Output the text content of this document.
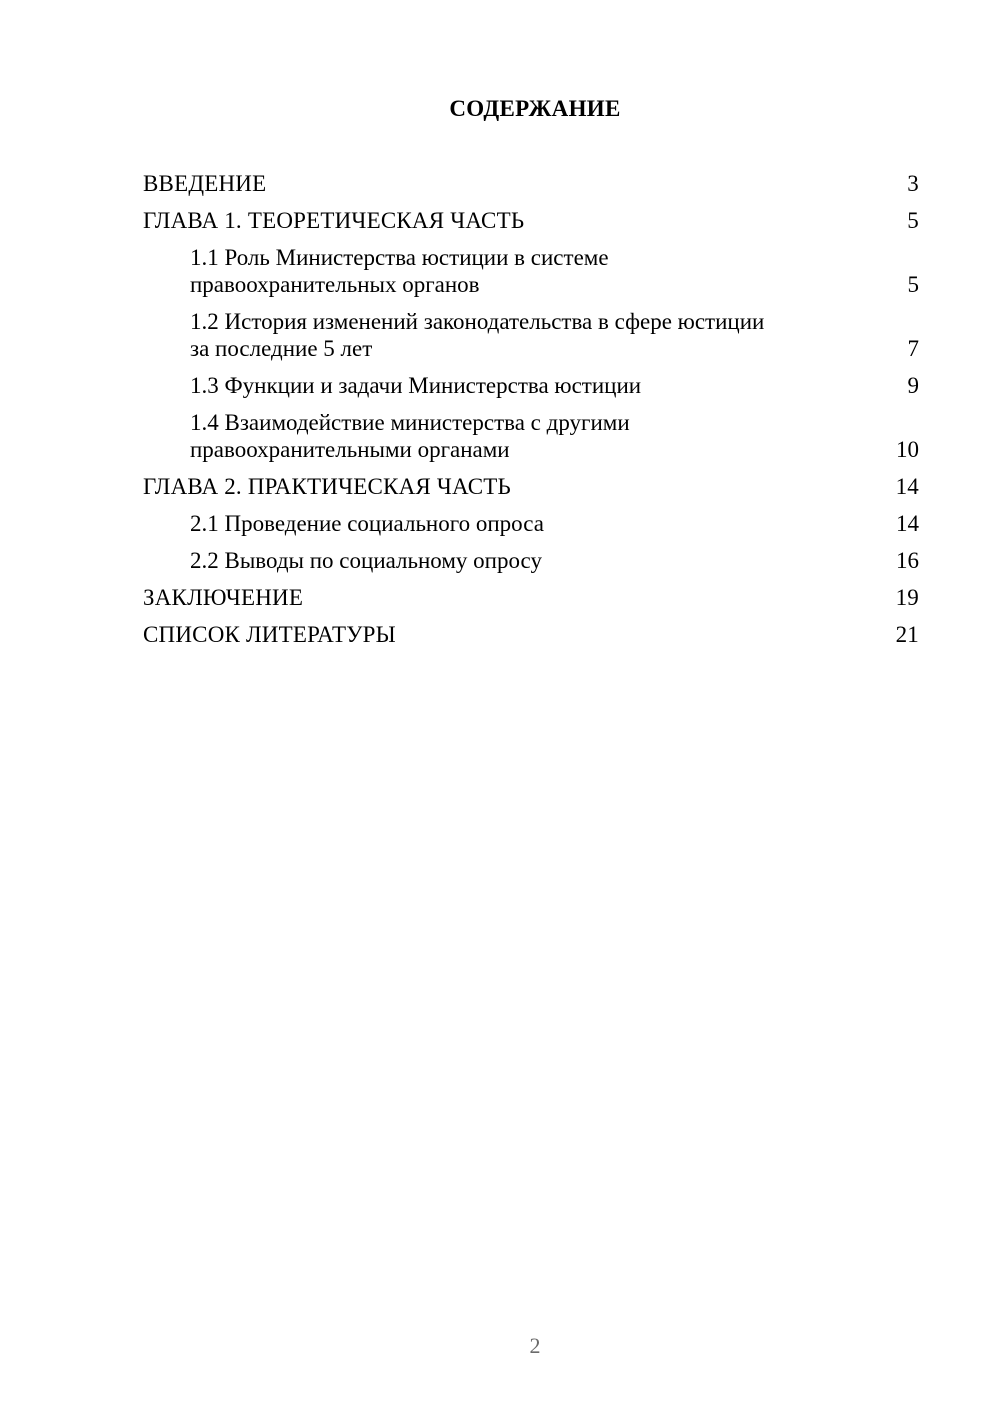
СОДЕРЖАНИЕ
ВВЕДЕНИЕ	3
ГЛАВА 1. ТЕОРЕТИЧЕСКАЯ ЧАСТЬ	5
1.1 Роль Министерства юстиции в системе
правоохранительных органов	5
1.2 История изменений законодательства в сфере юстиции
за последние 5 лет	7
1.3 Функции и задачи Министерства юстиции	9
1.4 Взаимодействие министерства с другими
правоохранительными органами	10
ГЛАВА 2. ПРАКТИЧЕСКАЯ ЧАСТЬ	14
2.1 Проведение социального опроса	14
2.2 Выводы по социальному опросу	16
ЗАКЛЮЧЕНИЕ	19
СПИСОК ЛИТЕРАТУРЫ	21
2
